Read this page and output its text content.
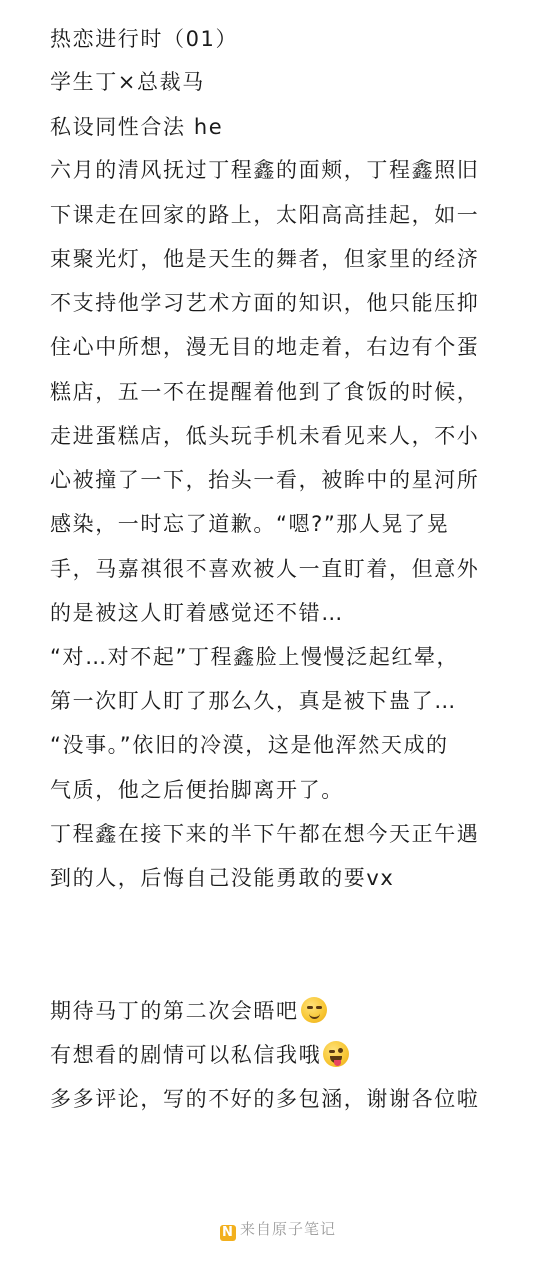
热恋进行时（01）
学生丁×总裁马
私设同性合法 he
六月的清风抚过丁程鑫的面颊，丁程鑫照旧
下课走在回家的路上，太阳高高挂起，如一
束聚光灯，他是天生的舞者，但家里的经济
不支持他学习艺术方面的知识，他只能压抑
住心中所想，漫无目的地走着，右边有个蛋
糕店，五一不在提醒着他到了食饭的时候，
走进蛋糕店，低头玩手机未看见来人，不小
心被撞了一下，抬头一看，被眸中的星河所
感染，一时忘了道歉。“嗯?”那人晃了晃
手，马嘉祺很不喜欢被人一直盯着，但意外
的是被这人盯着感觉还不错…
“对…对不起”丁程鑫脸上慢慢泛起红晕，
第一次盯人盯了那么久，真是被下蛊了…
“没事。”依旧的冷漠，这是他浑然天成的
气质，他之后便抬脚离开了。
丁程鑫在接下来的半下午都在想今天正午遇
到的人，后悔自己没能勇敢的要vx
期待马丁的第二次会晤吧
有想看的剧情可以私信我哦
多多评论，写的不好的多包涵，谢谢各位啦
N 来自原子笔记
